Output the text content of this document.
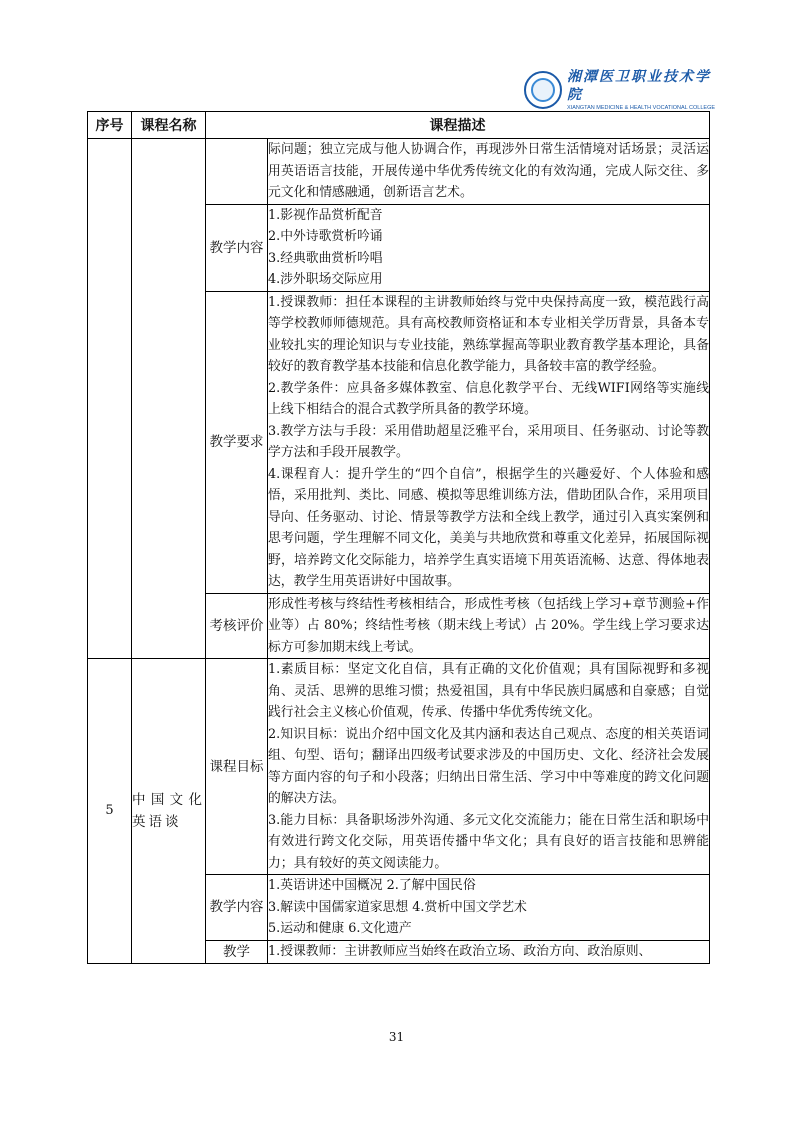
湘潭医卫职业技术学院
XIANGTAN MEDICINE & HEALTH VOCATIONAL COLLEGE
序号	课程名称	课程描述	

			际问题；独立完成与他人协调合作，再现涉外日常生活情境对话场景；灵活运用英语语言技能，开展传递中华优秀传统文化的有效沟通，完成人际交往、多元文化和情感融通，创新语言艺术。

		教学内容	1.影视作品赏析配音

2.中外诗歌赏析吟诵

3.经典歌曲赏析吟唱

4.涉外职场交际应用

		教学要求	1.授课教师：担任本课程的主讲教师始终与党中央保持高度一致，模范践行高等学校教师师德规范。具有高校教师资格证和本专业相关学历背景，具备本专业较扎实的理论知识与专业技能，熟练掌握高等职业教育教学基本理论，具备较好的教育教学基本技能和信息化教学能力，具备较丰富的教学经验。

2.教学条件：应具备多媒体教室、信息化教学平台、无线WIFI网络等实施线上线下相结合的混合式教学所具备的教学环境。

3.教学方法与手段：采用借助超星泛雅平台，采用项目、任务驱动、讨论等教学方法和手段开展教学。

4.课程育人：提升学生的“四个自信”，根据学生的兴趣爱好、个人体验和感悟，采用批判、类比、同感、模拟等思维训练方法，借助团队合作，采用项目导向、任务驱动、讨论、情景等教学方法和全线上教学，通过引入真实案例和思考问题，学生理解不同文化，美美与共地欣赏和尊重文化差异，拓展国际视野，培养跨文化交际能力，培养学生真实语境下用英语流畅、达意、得体地表达，教学生用英语讲好中国故事。

		考核评价	形成性考核与终结性考核相结合，形成性考核（包括线上学习+章节测验+作业等）占 80%；终结性考核（期末线上考试）占 20%。学生线上学习要求达标方可参加期末线上考试。

5	中国文化英语谈	课程目标	1.素质目标：坚定文化自信，具有正确的文化价值观；具有国际视野和多视角、灵活、思辨的思维习惯；热爱祖国，具有中华民族归属感和自豪感；自觉践行社会主义核心价值观，传承、传播中华优秀传统文化。

2.知识目标：说出介绍中国文化及其内涵和表达自己观点、态度的相关英语词组、句型、语句；翻译出四级考试要求涉及的中国历史、文化、经济社会发展等方面内容的句子和小段落；归纳出日常生活、学习中中等难度的跨文化问题的解决方法。

3.能力目标：具备职场涉外沟通、多元文化交流能力；能在日常生活和职场中有效进行跨文化交际，用英语传播中华文化；具有良好的语言技能和思辨能力；具有较好的英文阅读能力。

		教学内容	1.英语讲述中国概况 2.了解中国民俗

3.解读中国儒家道家思想 4.赏析中国文学艺术

5.运动和健康 6.文化遗产

		教学	1.授课教师：主讲教师应当始终在政治立场、政治方向、政治原则、

31
